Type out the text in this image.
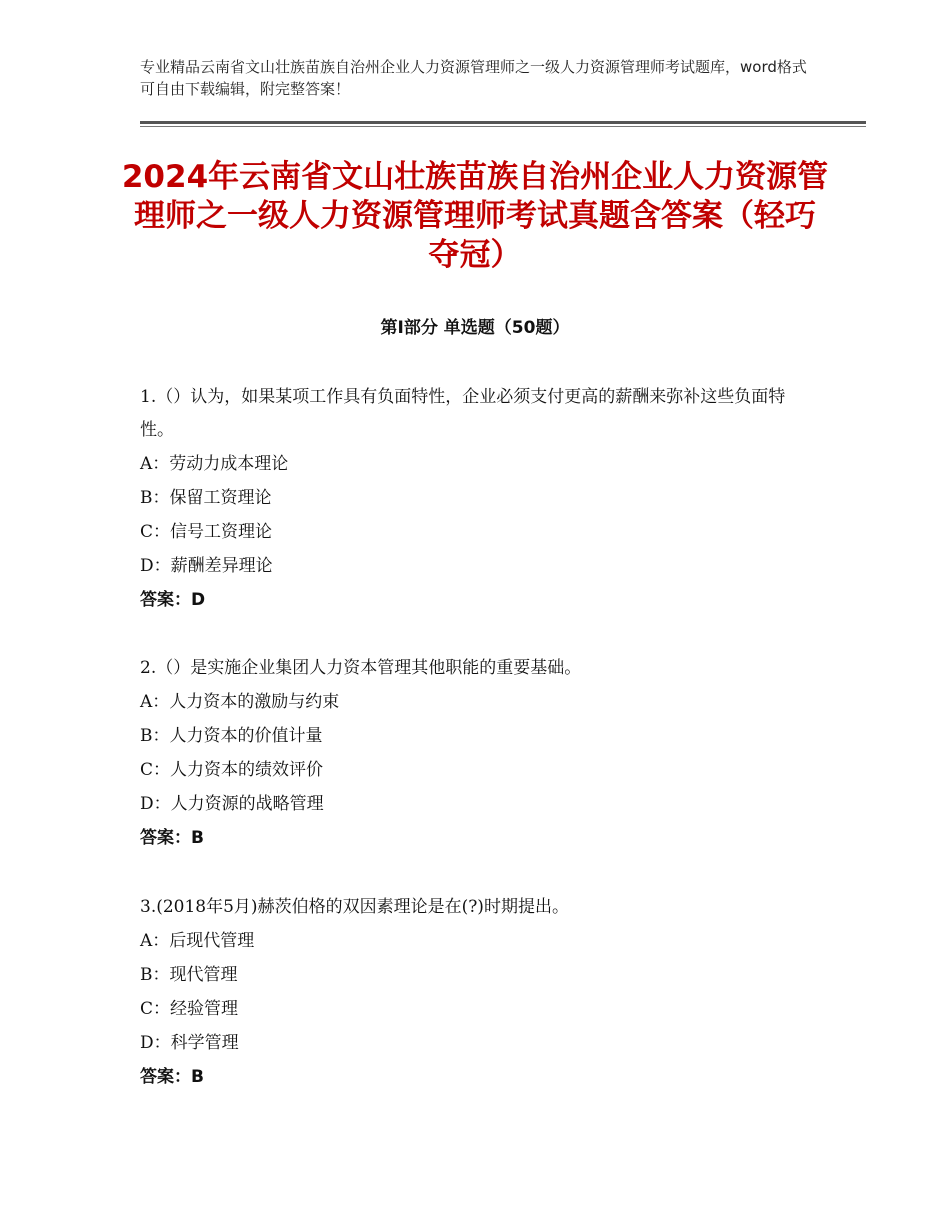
专业精品云南省文山壮族苗族自治州企业人力资源管理师之一级人力资源管理师考试题库，word格式可自由下载编辑，附完整答案！
2024年云南省文山壮族苗族自治州企业人力资源管理师之一级人力资源管理师考试真题含答案（轻巧夺冠）
第Ⅰ部分 单选题（50题）
1.（）认为，如果某项工作具有负面特性，企业必须支付更高的薪酬来弥补这些负面特性。
A：劳动力成本理论
B：保留工资理论
C：信号工资理论
D：薪酬差异理论
答案：D
2.（）是实施企业集团人力资本管理其他职能的重要基础。
A：人力资本的激励与约束
B：人力资本的价值计量
C：人力资本的绩效评价
D：人力资源的战略管理
答案：B
3.(2018年5月)赫茨伯格的双因素理论是在(?)时期提出。
A：后现代管理
B：现代管理
C：经验管理
D：科学管理
答案：B
